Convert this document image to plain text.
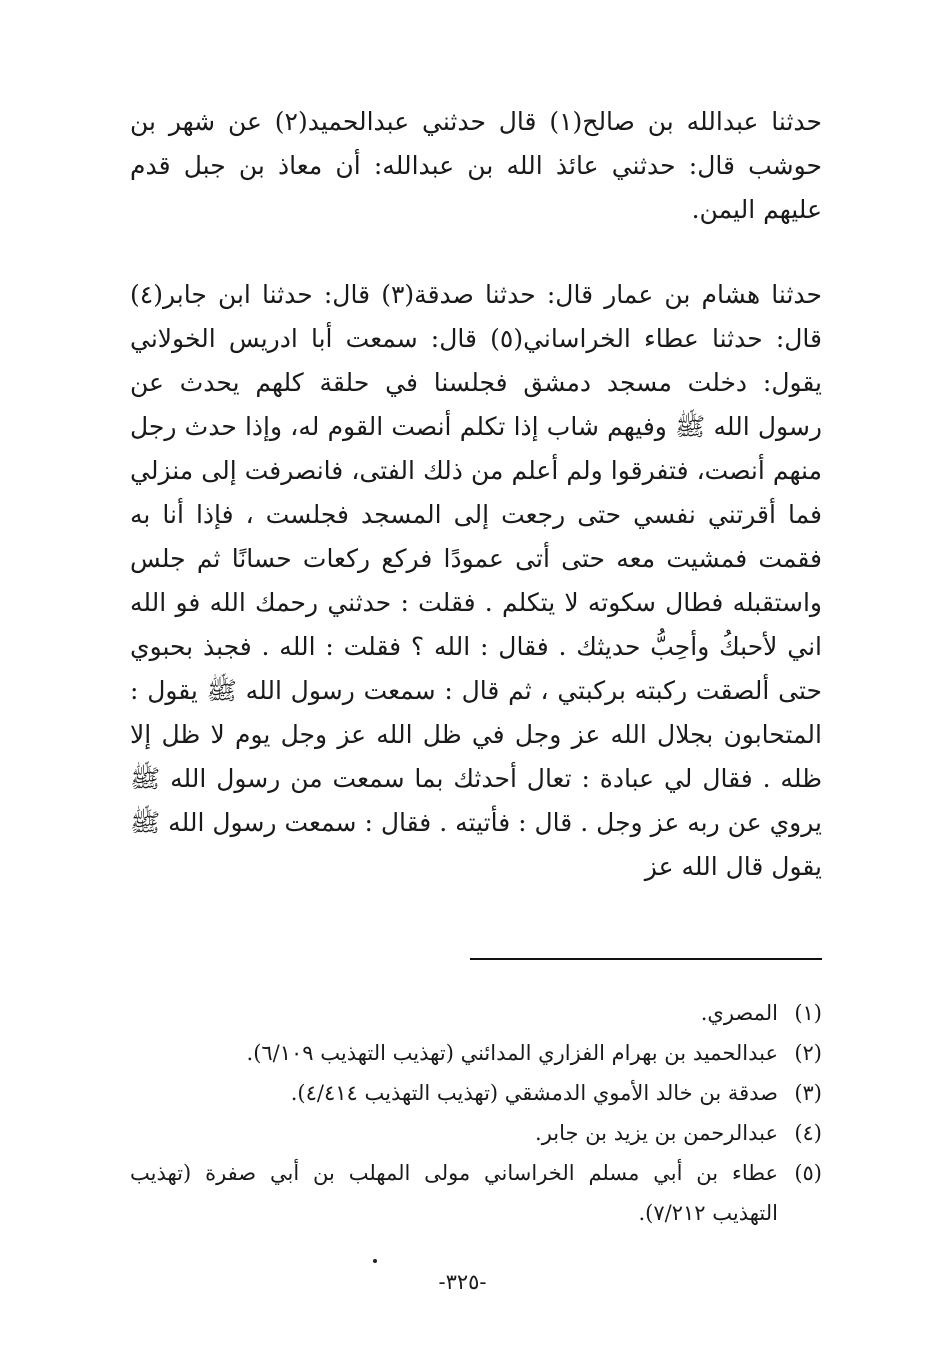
حدثنا عبدالله بن صالح(١) قال حدثني عبدالحميد(٢) عن شهر بن حوشب قال: حدثني عائذ الله بن عبدالله: أن معاذ بن جبل قدم عليهم اليمن.

حدثنا هشام بن عمار قال: حدثنا صدقة(٣) قال: حدثنا ابن جابر(٤) قال: حدثنا عطاء الخراساني(٥) قال: سمعت أبا ادريس الخولاني يقول: دخلت مسجد دمشق فجلسنا في حلقة كلهم يحدث عن رسول الله ﷺ وفيهم شاب إذا تكلم أنصت القوم له، وإذا حدث رجل منهم أنصت، فتفرقوا ولم أعلم من ذلك الفتى، فانصرفت إلى منزلي فما أقرتني نفسي حتى رجعت إلى المسجد فجلست ، فإذا أنا به فقمت فمشيت معه حتى أتى عمودًا فركع ركعات حسانًا ثم جلس واستقبله فطال سكوته لا يتكلم . فقلت : حدثني رحمك الله فو الله اني لأحبكُ وأحِبُّ حديثك . فقال : الله ؟ فقلت : الله . فجبذ بحبوي حتى ألصقت ركبته بركبتي ، ثم قال : سمعت رسول الله ﷺ يقول : المتحابون بجلال الله عز وجل في ظل الله عز وجل يوم لا ظل إلا ظله . فقال لي عبادة : تعال أحدثك بما سمعت من رسول الله ﷺ يروي عن ربه عز وجل . قال : فأتيته . فقال : سمعت رسول الله ﷺ يقول قال الله عز

(١)
المصري.
(٢)
عبدالحميد بن بهرام الفزاري المدائني (تهذيب التهذيب ٦/١٠٩).
(٣)
صدقة بن خالد الأموي الدمشقي (تهذيب التهذيب ٤/٤١٤).
(٤)
عبدالرحمن بن يزيد بن جابر.
(٥)
عطاء بن أبي مسلم الخراساني مولى المهلب بن أبي صفرة (تهذيب التهذيب ٧/٢١٢).
-٣٢٥-
